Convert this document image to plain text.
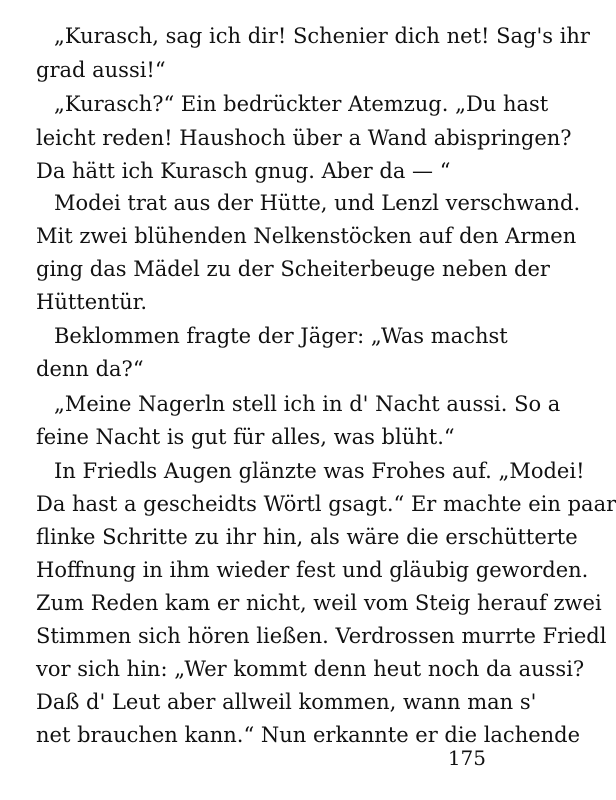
„Kurasch, sag ich dir! Schenier dich net! Sag's ihr
grad aussi!“
„Kurasch?“ Ein bedrückter Atemzug. „Du hast
leicht reden! Haushoch über a Wand abispringen?
Da hätt ich Kurasch gnug. Aber da — “
Modei trat aus der Hütte, und Lenzl verschwand.
Mit zwei blühenden Nelkenstöcken auf den Armen
ging das Mädel zu der Scheiterbeuge neben der
Hüttentür.
Beklommen fragte der Jäger: „Was machst
denn da?“
„Meine Nagerln stell ich in d' Nacht aussi. So a
feine Nacht is gut für alles, was blüht.“
In Friedls Augen glänzte was Frohes auf. „Modei!
Da hast a gescheidts Wörtl gsagt.“ Er machte ein paar
flinke Schritte zu ihr hin, als wäre die erschütterte
Hoffnung in ihm wieder fest und gläubig geworden.
Zum Reden kam er nicht, weil vom Steig herauf zwei
Stimmen sich hören ließen. Verdrossen murrte Friedl
vor sich hin: „Wer kommt denn heut noch da aussi?
Daß d' Leut aber allweil kommen, wann man s'
net brauchen kann.“ Nun erkannte er die lachende
175
